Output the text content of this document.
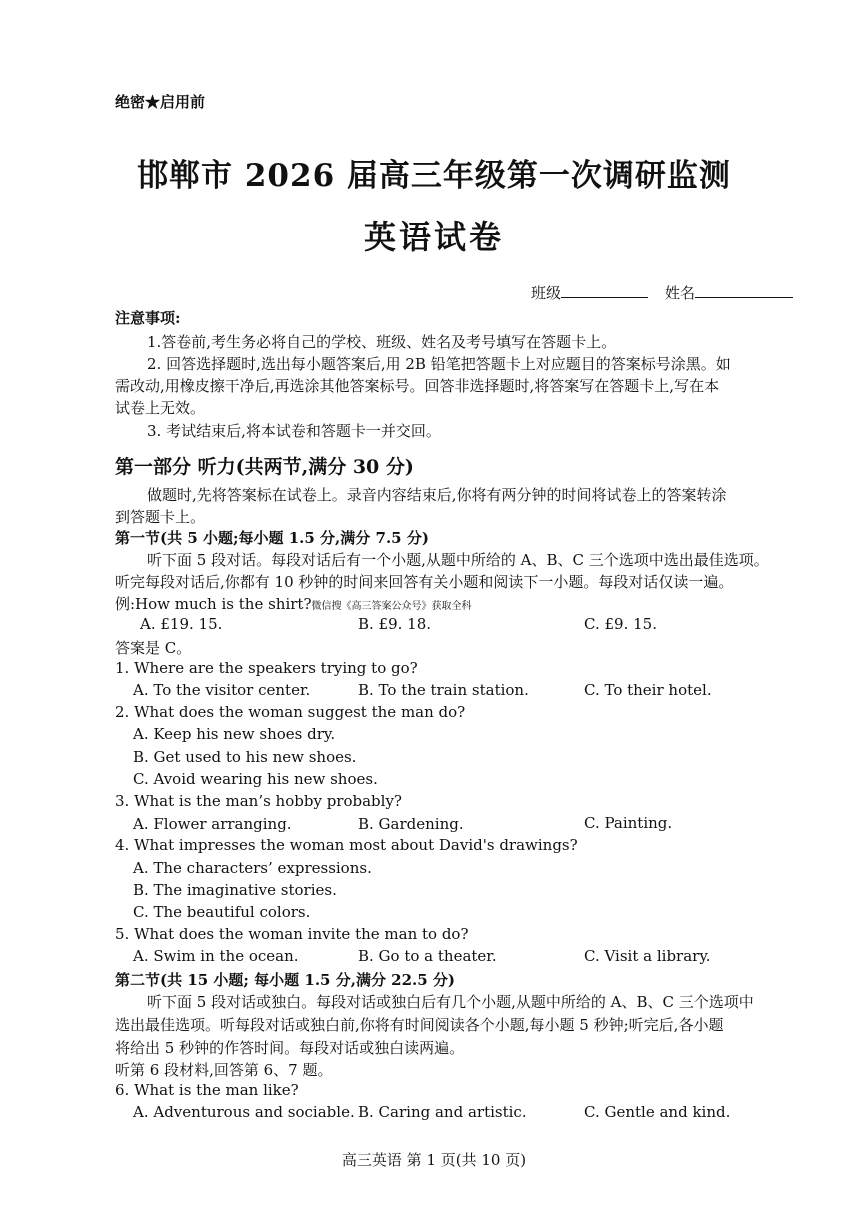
绝密★启用前
邯郸市 2026 届高三年级第一次调研监测
英语试卷
班级	姓名
注意事项:
1.答卷前,考生务必将自己的学校、班级、姓名及考号填写在答题卡上。
2. 回答选择题时,选出每小题答案后,用 2B 铅笔把答题卡上对应题目的答案标号涂黑。如
需改动,用橡皮擦干净后,再选涂其他答案标号。回答非选择题时,将答案写在答题卡上,写在本
试卷上无效。
3. 考试结束后,将本试卷和答题卡一并交回。
第一部分 听力(共两节,满分 30 分)
做题时,先将答案标在试卷上。录音内容结束后,你将有两分钟的时间将试卷上的答案转涂
到答题卡上。
第一节(共 5 小题;每小题 1.5 分,满分 7.5 分)
听下面 5 段对话。每段对话后有一个小题,从题中所给的 A、B、C 三个选项中选出最佳选项。
听完每段对话后,你都有 10 秒钟的时间来回答有关小题和阅读下一小题。每段对话仅读一遍。
例:How much is the shirt?微信搜《高三答案公众号》获取全科
A. £19. 15.	B. £9. 18.	C. £9. 15.
答案是 C。
1. Where are the speakers trying to go?
A. To the visitor center.	B. To the train station.	C. To their hotel.
2. What does the woman suggest the man do?
A. Keep his new shoes dry.
B. Get used to his new shoes.
C. Avoid wearing his new shoes.
3. What is the man’s hobby probably?
A. Flower arranging.	B. Gardening.	C. Painting.
4. What impresses the woman most about David's drawings?
A. The characters’ expressions.
B. The imaginative stories.
C. The beautiful colors.
5. What does the woman invite the man to do?
A. Swim in the ocean.	B. Go to a theater.	C. Visit a library.
第二节(共 15 小题; 每小题 1.5 分,满分 22.5 分)
听下面 5 段对话或独白。每段对话或独白后有几个小题,从题中所给的 A、B、C 三个选项中
选出最佳选项。听每段对话或独白前,你将有时间阅读各个小题,每小题 5 秒钟;听完后,各小题
将给出 5 秒钟的作答时间。每段对话或独白读两遍。
听第 6 段材料,回答第 6、7 题。
6. What is the man like?
A. Adventurous and sociable. B. Caring and artistic.	C. Gentle and kind.
高三英语 第 1 页(共 10 页)
